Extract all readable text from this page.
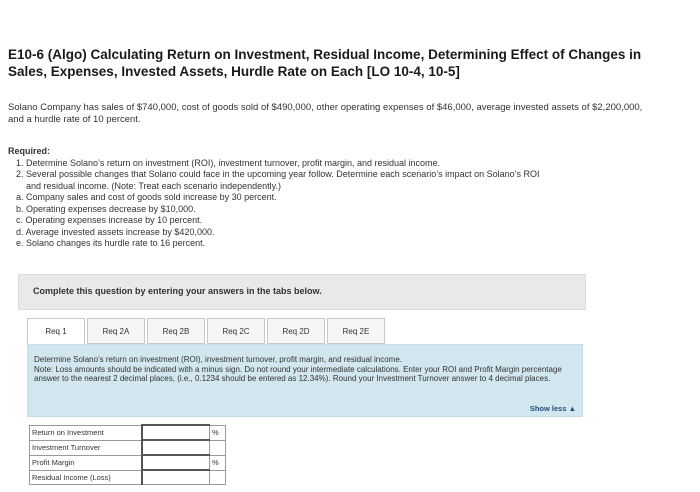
E10-6 (Algo) Calculating Return on Investment, Residual Income, Determining Effect of Changes in Sales, Expenses, Invested Assets, Hurdle Rate on Each [LO 10-4, 10-5]
Solano Company has sales of $740,000, cost of goods sold of $490,000, other operating expenses of $46,000, average invested assets of $2,200,000, and a hurdle rate of 10 percent.
Required:
1. Determine Solano’s return on investment (ROI), investment turnover, profit margin, and residual income.
2. Several possible changes that Solano could face in the upcoming year follow. Determine each scenario’s impact on Solano’s ROI
and residual income. (Note: Treat each scenario independently.)
a. Company sales and cost of goods sold increase by 30 percent.
b. Operating expenses decrease by $10,000.
c. Operating expenses increase by 10 percent.
d. Average invested assets increase by $420,000.
e. Solano changes its hurdle rate to 16 percent.
Complete this question by entering your answers in the tabs below.
Req 1	Req 2A	Req 2B	Req 2C	Req 2D	Req 2E
Determine Solano’s return on investment (ROI), investment turnover, profit margin, and residual income.
Note: Loss amounts should be indicated with a minus sign. Do not round your intermediate calculations. Enter your ROI and Profit Margin percentage answer to the nearest 2 decimal places, (i.e., 0.1234 should be entered as 12.34%). Round your Investment Turnover answer to 4 decimal places.
Show less ▲
Return on Investment		%
Investment Turnover		
Profit Margin		%
Residual Income (Loss)		
